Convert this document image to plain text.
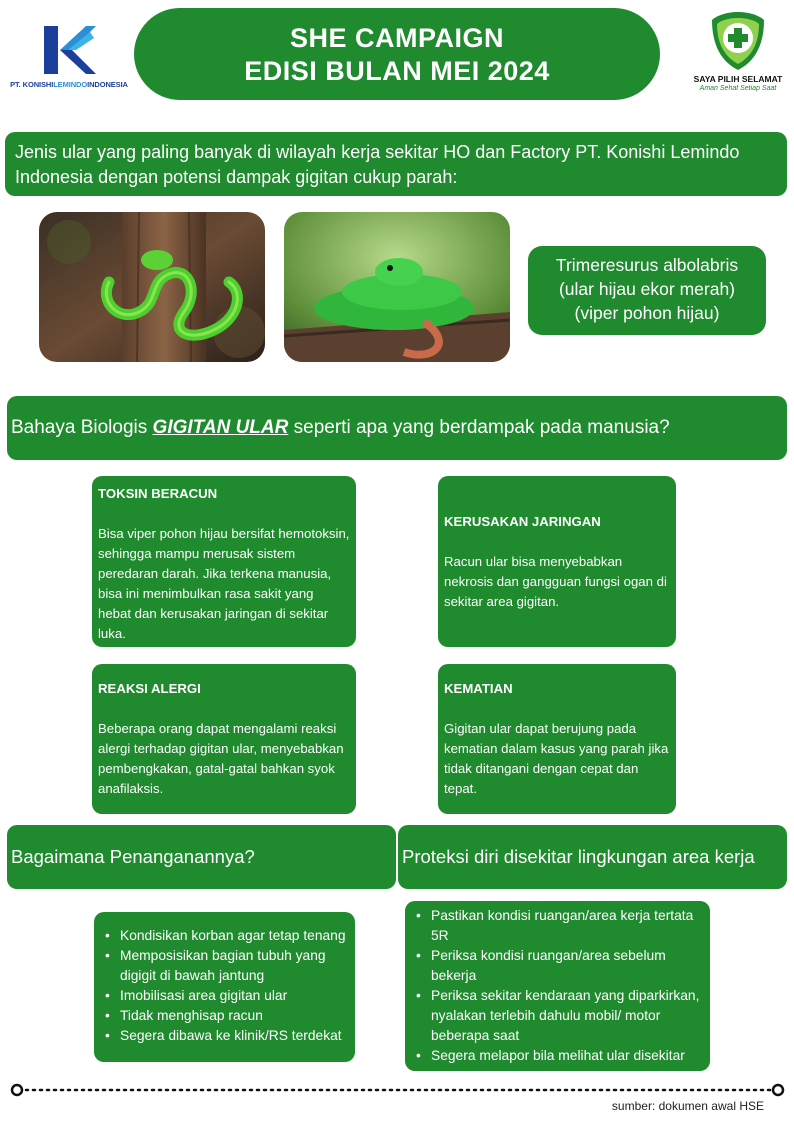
PT. KONISHILEMINDOINDONESIA
SHE CAMPAIGN
EDISI BULAN MEI 2024	SAYA PILIH SELAMAT
Aman Sehat Setiap Saat
Jenis ular yang paling banyak di wilayah kerja sekitar HO dan Factory PT. Konishi Lemindo Indonesia dengan potensi dampak gigitan cukup parah:
Trimeresurus albolabris
(ular hijau ekor merah)
(viper pohon hijau)
Bahaya Biologis GIGITAN ULAR seperti apa yang berdampak pada manusia?
TOKSIN BERACUN
Bisa viper pohon hijau bersifat hemotoksin, sehingga mampu merusak sistem peredaran darah. Jika terkena manusia, bisa ini menimbulkan rasa sakit yang hebat dan kerusakan jaringan di sekitar luka.
KERUSAKAN JARINGAN
Racun ular bisa menyebabkan nekrosis dan gangguan fungsi ogan di sekitar area gigitan.
REAKSI ALERGI
Beberapa orang dapat mengalami reaksi alergi terhadap gigitan ular, menyebabkan pembengkakan, gatal-gatal bahkan syok anafilaksis.
KEMATIAN
Gigitan ular dapat berujung pada kematian dalam kasus yang parah jika tidak ditangani dengan cepat dan tepat.
Bagaimana Penanganannya?	Proteksi diri disekitar lingkungan area kerja
• Kondisikan korban agar tetap tenang
• Memposisikan bagian tubuh yang digigit di bawah jantung
• Imobilisasi area gigitan ular
• Tidak menghisap racun
• Segera dibawa ke klinik/RS terdekat
• Pastikan kondisi ruangan/area kerja tertata 5R
• Periksa kondisi ruangan/area sebelum bekerja
• Periksa sekitar kendaraan yang diparkirkan, nyalakan terlebih dahulu mobil/ motor beberapa saat
• Segera melapor bila melihat ular disekitar
sumber: dokumen awal HSE
